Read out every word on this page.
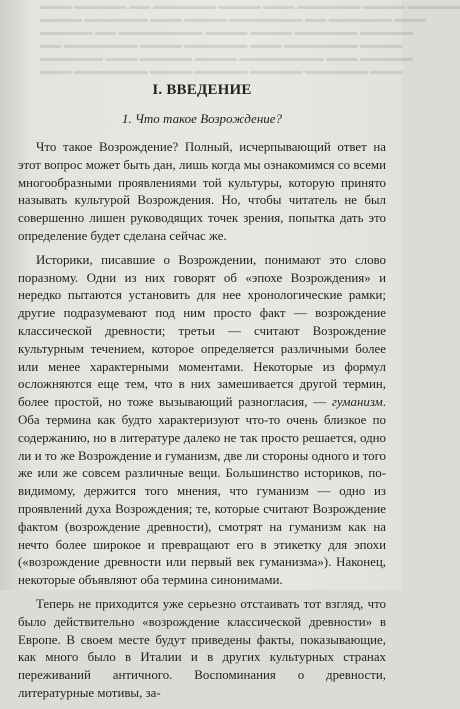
▬▬▬ ▬▬▬▬▬ ▬▬ ▬▬▬▬▬▬ ▬▬▬▬ ▬▬▬ ▬▬▬▬▬▬ ▬▬▬▬ ▬▬▬▬▬
▬▬▬▬ ▬▬▬▬▬▬ ▬▬▬ ▬▬▬▬ ▬▬▬▬▬▬▬ ▬▬ ▬▬▬▬▬▬ ▬▬▬
▬▬▬▬▬ ▬▬ ▬▬▬▬▬▬▬▬ ▬▬▬▬ ▬▬▬▬ ▬▬▬▬▬▬ ▬▬▬▬▬
▬▬ ▬▬▬▬▬▬▬ ▬▬▬▬ ▬▬▬▬▬▬ ▬▬▬ ▬▬▬▬▬▬▬ ▬▬▬▬
▬▬▬▬▬▬ ▬▬▬ ▬▬▬▬▬ ▬▬▬▬ ▬▬▬▬▬▬▬▬ ▬▬▬ ▬▬▬▬▬
▬▬▬ ▬▬▬▬▬▬▬ ▬▬▬▬ ▬▬▬▬▬ ▬▬▬▬▬ ▬▬▬▬▬▬ ▬▬▬
I. ВВЕДЕНИЕ
1. Что такое Возрождение?

Что такое Возрождение? Полный, исчерпывающий ответ на этот вопрос может быть дан, лишь когда мы ознакомимся со всеми многообразными проявлениями той культуры, которую принято называть культурой Возрождения. Но, чтобы читатель не был совершенно лишен руководящих точек зрения, попытка дать это определение будет сделана сейчас же.

Историки, писавшие о Возрождении, понимают это слово поразному. Одни из них говорят об «эпохе Возрождения» и нередко пытаются установить для нее хронологические рамки; другие подразумевают под ним просто факт — возрождение классической древности; третьи — считают Возрождение культурным течением, которое определяется различными более или менее характерными моментами. Некоторые из формул осложняются еще тем, что в них замешивается другой термин, более простой, но тоже вызывающий разногласия, — гуманизм. Оба термина как будто характеризуют что-то очень близкое по содержанию, но в литературе далеко не так просто решается, одно ли и то же Возрождение и гуманизм, две ли стороны одного и того же или же совсем различные вещи. Большинство историков, по-видимому, держится того мнения, что гуманизм — одно из проявлений духа Возрождения; те, которые считают Возрождение фактом (возрождение древности), смотрят на гуманизм как на нечто более широкое и превращают его в этикетку для эпохи («возрождение древности или первый век гуманизма»). Наконец, некоторые объявляют оба термина синонимами.

Теперь не приходится уже серьезно отстаивать тот взгляд, что было действительно «возрождение классической древности» в Европе. В своем месте будут приведены факты, показывающие, как много было в Италии и в других культурных странах переживаний античного. Воспоминания о древности, литературные мотивы, за-
